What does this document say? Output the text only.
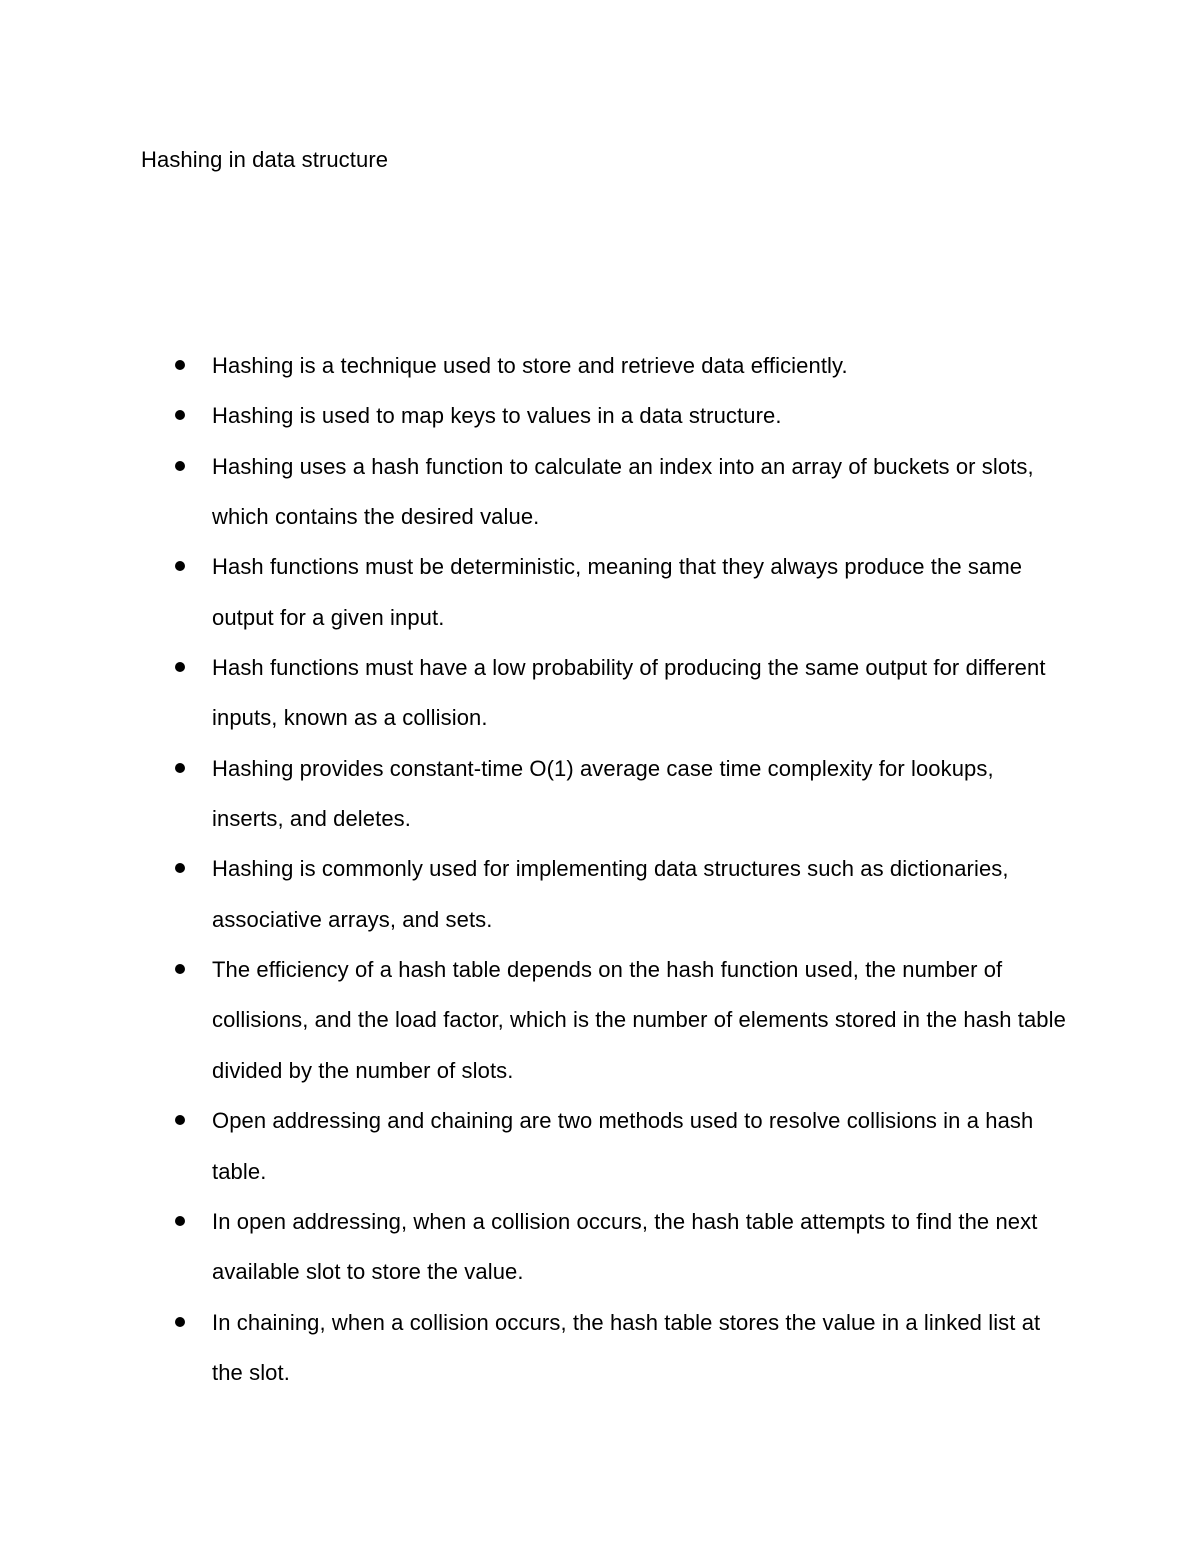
Hashing in data structure
Hashing is a technique used to store and retrieve data efficiently.
Hashing is used to map keys to values in a data structure.
Hashing uses a hash function to calculate an index into an array of buckets or slots, which contains the desired value.
Hash functions must be deterministic, meaning that they always produce the same output for a given input.
Hash functions must have a low probability of producing the same output for different inputs, known as a collision.
Hashing provides constant-time O(1) average case time complexity for lookups, inserts, and deletes.
Hashing is commonly used for implementing data structures such as dictionaries, associative arrays, and sets.
The efficiency of a hash table depends on the hash function used, the number of collisions, and the load factor, which is the number of elements stored in the hash table divided by the number of slots.
Open addressing and chaining are two methods used to resolve collisions in a hash table.
In open addressing, when a collision occurs, the hash table attempts to find the next available slot to store the value.
In chaining, when a collision occurs, the hash table stores the value in a linked list at the slot.
